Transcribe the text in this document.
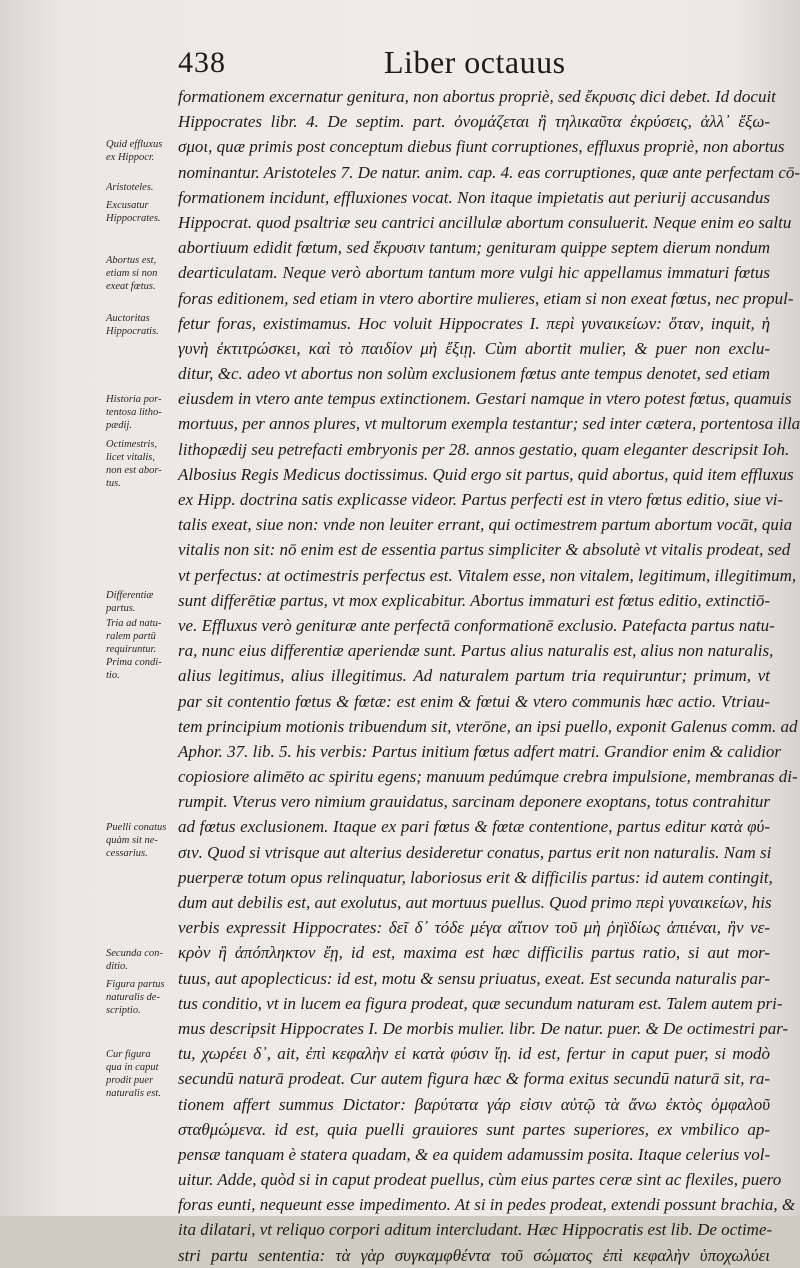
438	Liber octauus
Quid effluxus
ex Hippocr.
Aristoteles.
Excusatur
Hippocrates.
Abortus est,
etiam si non
exeat fœtus.
Auctoritas
Hippocratis.
Historia por-
tentosa litho-
pædij.
Octimestris,
licet vitalis,
non est abor-
tus.
Differentiæ
partus.
Tria ad natu-
ralem partū
requiruntur.
Prima condi-
tio.
Puelli conatus
quàm sit ne-
cessarius.
Secunda con-
ditio.
Figura partus
naturalis de-
scriptio.
Cur figura
qua in caput
prodit puer
naturalis est.
formationem excernatur genitura, non abortus propriè, sed ἔκρυσις dici debet. Id docuit
Hippocrates libr. 4. De septim. part. ὀνομάζεται ἢ τηλικαῦτα ἐκρύσεις, ἀλλ᾽ ἔξω-
σμοι, quæ primis post conceptum diebus fiunt corruptiones, effluxus propriè, non abortus
nominantur. Aristoteles 7. De natur. anim. cap. 4. eas corruptiones, quæ ante perfectam cō-
formationem incidunt, effluxiones vocat. Non itaque impietatis aut periurij accusandus
Hippocrat. quod psaltriæ seu cantrici ancillulæ abortum consuluerit. Neque enim eo saltu
abortiuum edidit fœtum, sed ἔκρυσιν tantum; genituram quippe septem dierum nondum
dearticulatam. Neque verò abortum tantum more vulgi hic appellamus immaturi fœtus
foras editionem, sed etiam in vtero abortire mulieres, etiam si non exeat fœtus, nec propul-
fetur foras, existimamus. Hoc voluit Hippocrates I. περὶ γυναικείων: ὅταν, inquit, ἡ
γυνὴ ἐκτιτρώσκει, καὶ τὸ παιδίον μὴ ἔξιῃ. Cùm abortit mulier, & puer non exclu-
ditur, &c. adeo vt abortus non solùm exclusionem fœtus ante tempus denotet, sed etiam
eiusdem in vtero ante tempus extinctionem. Gestari namque in vtero potest fœtus, quamuis
mortuus, per annos plures, vt multorum exempla testantur; sed inter cætera, portentosa illa
lithopædij seu petrefacti embryonis per 28. annos gestatio, quam eleganter descripsit Ioh.
Albosius Regis Medicus doctissimus. Quid ergo sit partus, quid abortus, quid item effluxus
ex Hipp. doctrina satis explicasse videor. Partus perfecti est in vtero fœtus editio, siue vi-
talis exeat, siue non: vnde non leuiter errant, qui octimestrem partum abortum vocāt, quia
vitalis non sit: nō enim est de essentia partus simpliciter & absolutè vt vitalis prodeat, sed
vt perfectus: at octimestris perfectus est. Vitalem esse, non vitalem, legitimum, illegitimum,
sunt differētiæ partus, vt mox explicabitur. Abortus immaturi est fœtus editio, extinctiō-
ve. Effluxus verò genituræ ante perfectā conformationē exclusio. Patefacta partus natu-
ra, nunc eius differentiæ aperiendæ sunt. Partus alius naturalis est, alius non naturalis,
alius legitimus, alius illegitimus. Ad naturalem partum tria requiruntur; primum, vt
par sit contentio fœtus & fœtæ: est enim & fœtui & vtero communis hæc actio. Vtriau-
tem principium motionis tribuendum sit, vterōne, an ipsi puello, exponit Galenus comm. ad
Aphor. 37. lib. 5. his verbis: Partus initium fœtus adfert matri. Grandior enim & calidior
copiosiore alimēto ac spiritu egens; manuum pedúmque crebra impulsione, membranas di-
rumpit. Vterus vero nimium grauidatus, sarcinam deponere exoptans, totus contrahitur
ad fœtus exclusionem. Itaque ex pari fœtus & fœtæ contentione, partus editur κατὰ φύ-
σιν. Quod si vtrisque aut alterius desideretur conatus, partus erit non naturalis. Nam si
puerperæ totum opus relinquatur, laboriosus erit & difficilis partus: id autem contingit,
dum aut debilis est, aut exolutus, aut mortuus puellus. Quod primo περὶ γυναικείων, his
verbis expressit Hippocrates: δεῖ δ᾽ τόδε μέγα αἴτιον τοῦ μὴ ῥηϊδίως ἀπιέναι, ἢν νε-
κρὸν ἢ ἀπόπληκτον ἔῃ, id est, maxima est hæc difficilis partus ratio, si aut mor-
tuus, aut apoplecticus: id est, motu & sensu priuatus, exeat. Est secunda naturalis par-
tus conditio, vt in lucem ea figura prodeat, quæ secundum naturam est. Talem autem pri-
mus descripsit Hippocrates I. De morbis mulier. libr. De natur. puer. & De octimestri par-
tu, χωρέει δ᾽, ait, ἐπὶ κεφαλὴν εἰ κατὰ φύσιν ἴῃ. id est, fertur in caput puer, si modò
secundū naturā prodeat. Cur autem figura hæc & forma exitus secundū naturā sit, ra-
tionem affert summus Dictator: βαρύτατα γάρ εἰσιν αὐτῷ τὰ ἄνω ἐκτὸς ὀμφαλοῦ
σταθμώμενα. id est, quia puelli grauiores sunt partes superiores, ex vmbilico ap-
pensæ tanquam è statera quadam, & ea quidem adamussim posita. Itaque celerius vol-
uitur. Adde, quòd si in caput prodeat puellus, cùm eius partes ceræ sint ac flexiles, puero
foras eunti, nequeunt esse impedimento. At si in pedes prodeat, extendi possunt brachia, &
ita dilatari, vt reliquo corpori aditum intercludant. Hæc Hippocratis est lib. De octime-
stri partu sententia: τὰ γὰρ συγκαμφθέντα τοῦ σώματος ἐπὶ κεφαλὴν ὑποχωλύει
